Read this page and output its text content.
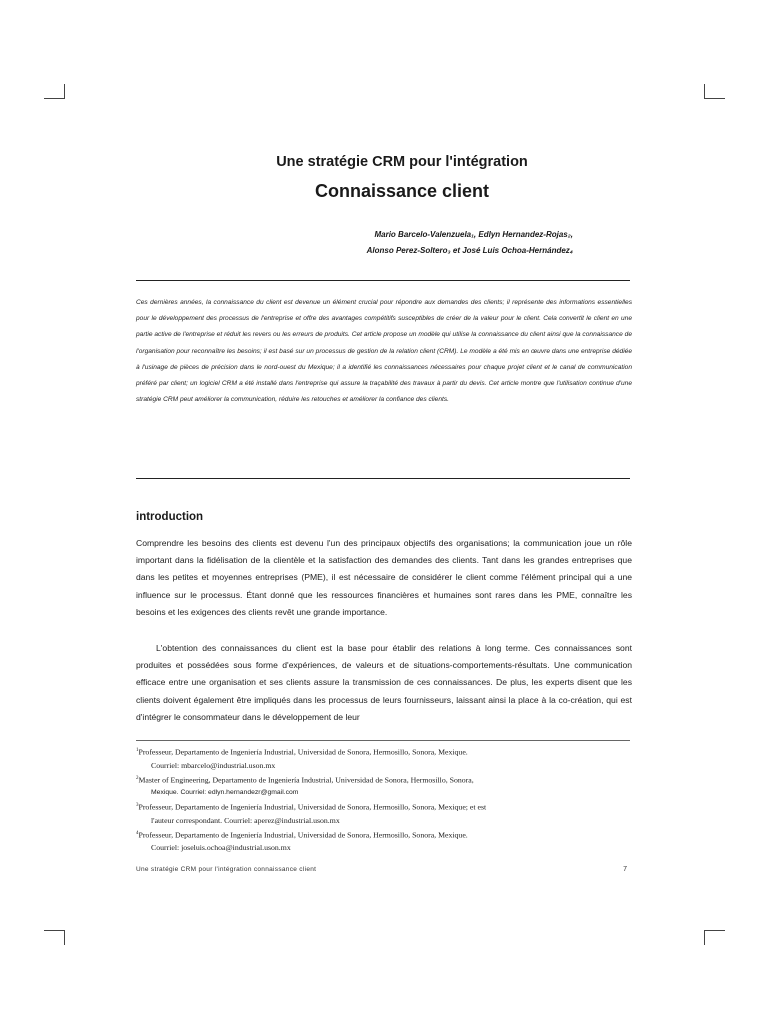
Une stratégie CRM pour l'intégration
Connaissance client
Mario Barcelo-Valenzuela₁, Edlyn Hernandez-Rojas₂,
Alonso Perez-Soltero₃ et José Luis Ochoa-Hernández₄

Ces dernières années, la connaissance du client est devenue un élément crucial pour répondre aux demandes des clients; il représente des informations essentielles pour le développement des processus de l'entreprise et offre des avantages compétitifs susceptibles de créer de la valeur pour le client. Cela convertit le client en une partie active de l'entreprise et réduit les revers ou les erreurs de produits. Cet article propose un modèle qui utilise la connaissance du client ainsi que la connaissance de l'organisation pour reconnaître les besoins; il est basé sur un processus de gestion de la relation client (CRM). Le modèle a été mis en œuvre dans une entreprise dédiée à l'usinage de pièces de précision dans le nord-ouest du Mexique; il a identifié les connaissances nécessaires pour chaque projet client et le canal de communication préféré par client; un logiciel CRM a été installé dans l'entreprise qui assure la traçabilité des travaux à partir du devis. Cet article montre que l'utilisation continue d'une stratégie CRM peut améliorer la communication, réduire les retouches et améliorer la confiance des clients.

introduction

Comprendre les besoins des clients est devenu l'un des principaux objectifs des organisations; la communication joue un rôle important dans la fidélisation de la clientèle et la satisfaction des demandes des clients. Tant dans les grandes entreprises que dans les petites et moyennes entreprises (PME), il est nécessaire de considérer le client comme l'élément principal qui a une influence sur le processus. Étant donné que les ressources financières et humaines sont rares dans les PME, connaître les besoins et les exigences des clients revêt une grande importance.

L'obtention des connaissances du client est la base pour établir des relations à long terme. Ces connaissances sont produites et possédées sous forme d'expériences, de valeurs et de situations-comportements-résultats. Une communication efficace entre une organisation et ses clients assure la transmission de ces connaissances. De plus, les experts disent que les clients doivent également être impliqués dans les processus de leurs fournisseurs, laissant ainsi la place à la co-création, qui est d'intégrer le consommateur dans le développement de leur

$^1$Professeur, Departamento de Ingeniería Industrial, Universidad de Sonora, Hermosillo, Sonora, Mexique.

Courriel: mbarcelo@industrial.uson.mx

$^2$Master of Engineering, Departamento de Ingeniería Industrial, Universidad de Sonora, Hermosillo, Sonora,

Mexique. Courriel: edlyn.hernandezr@gmail.com

$^3$Professeur, Departamento de Ingeniería Industrial, Universidad de Sonora, Hermosillo, Sonora, Mexique; et est

l'auteur correspondant. Courriel: aperez@industrial.uson.mx

$^4$Professeur, Departamento de Ingeniería Industrial, Universidad de Sonora, Hermosillo, Sonora, Mexique.

Courriel: joseluis.ochoa@industrial.uson.mx

Une stratégie CRM pour l'intégration connaissance client	7
